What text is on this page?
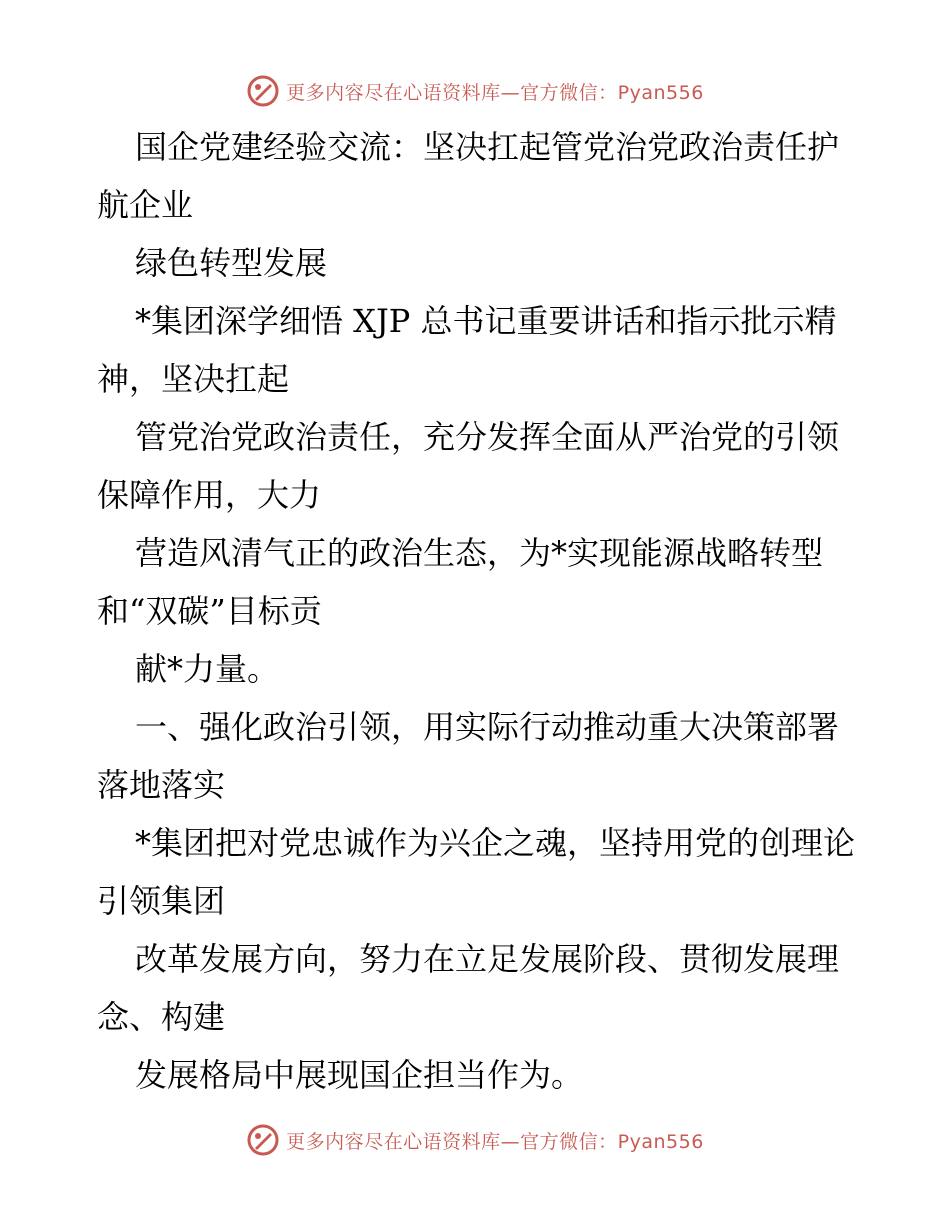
更多内容尽在心语资料库—官方微信：Pyan556

国企党建经验交流：坚决扛起管党治党政治责任护航企业

绿色转型发展

*集团深学细悟 XJP 总书记重要讲话和指示批示精神，坚决扛起

管党治党政治责任，充分发挥全面从严治党的引领保障作用，大力

营造风清气正的政治生态，为*实现能源战略转型和“双碳”目标贡

献*力量。

一、强化政治引领，用实际行动推动重大决策部署落地落实

*集团把对党忠诚作为兴企之魂，坚持用党的创理论引领集团

改革发展方向，努力在立足发展阶段、贯彻发展理念、构建

发展格局中展现国企担当作为。

更多内容尽在心语资料库—官方微信：Pyan556
